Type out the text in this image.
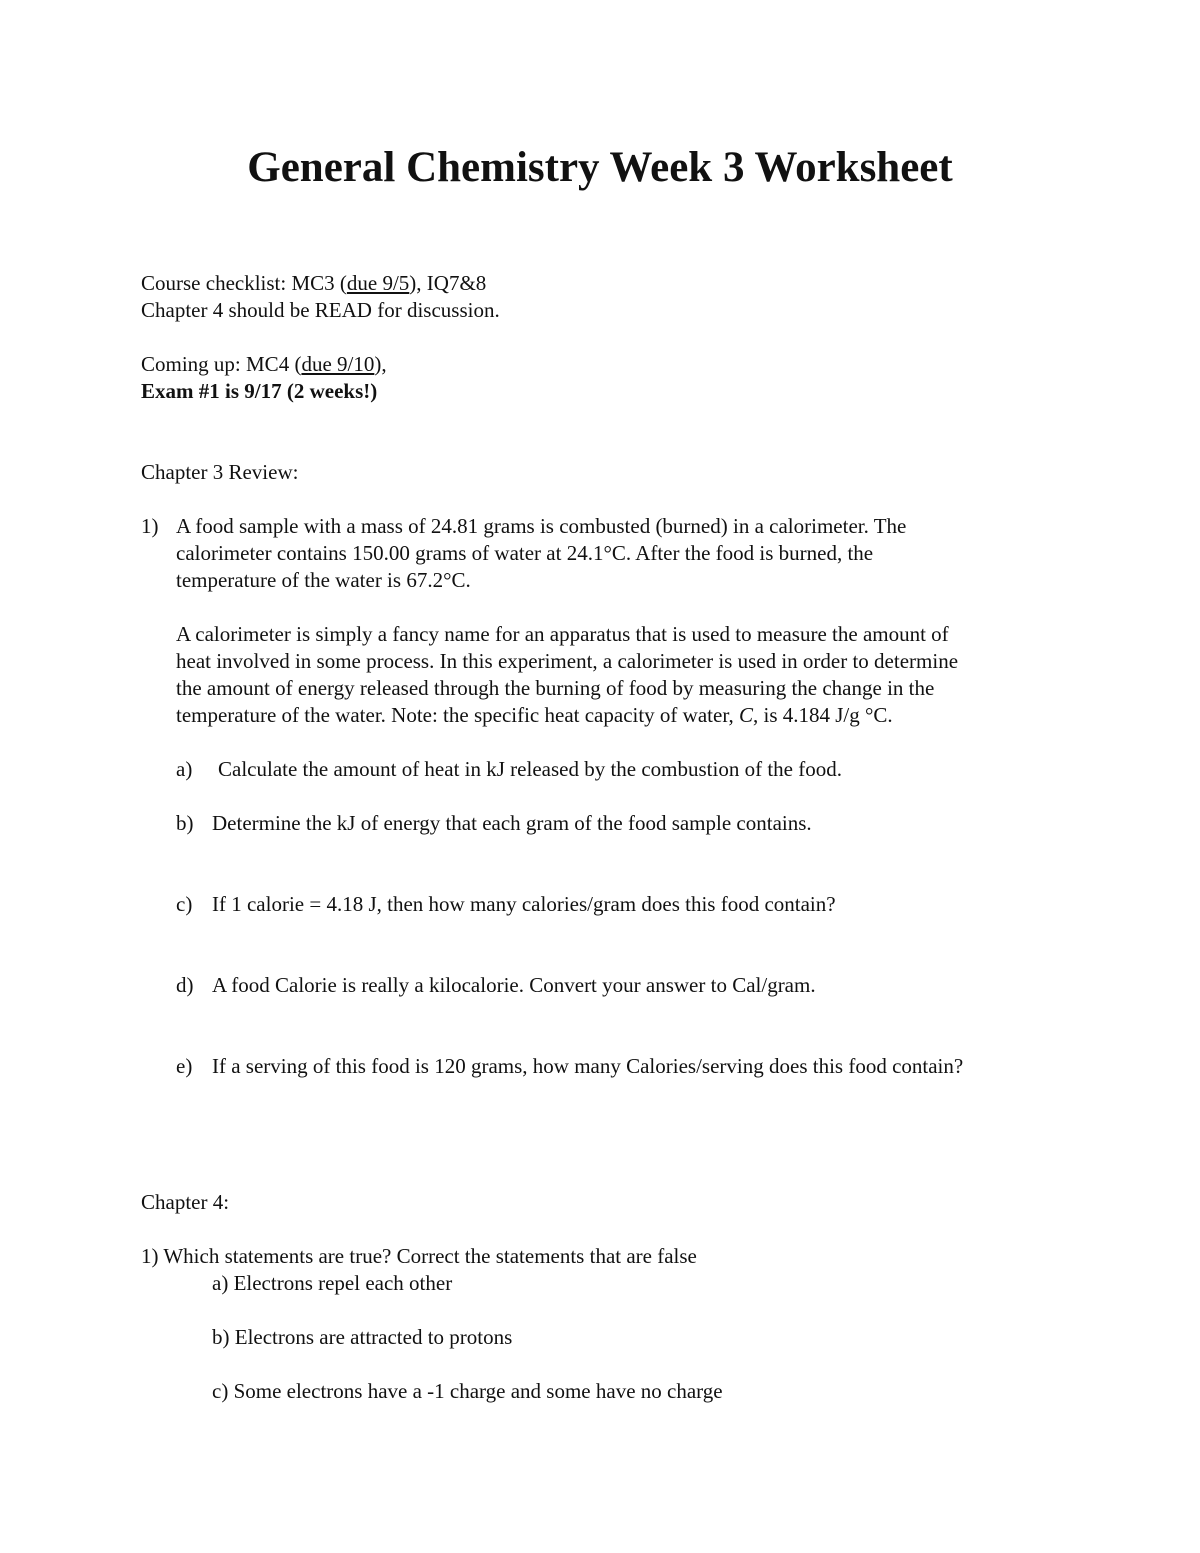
General Chemistry Week 3 Worksheet
Course checklist: MC3 (due 9/5), IQ7&8
Chapter 4 should be READ for discussion.
Coming up: MC4 (due 9/10),
Exam #1 is 9/17 (2 weeks!)
Chapter 3 Review:
1) A food sample with a mass of 24.81 grams is combusted (burned) in a calorimeter. The
calorimeter contains 150.00 grams of water at 24.1°C. After the food is burned, the
temperature of the water is 67.2°C.
A calorimeter is simply a fancy name for an apparatus that is used to measure the amount of
heat involved in some process. In this experiment, a calorimeter is used in order to determine
the amount of energy released through the burning of food by measuring the change in the
temperature of the water. Note: the specific heat capacity of water, C, is 4.184 J/g °C.
a) Calculate the amount of heat in kJ released by the combustion of the food.
b) Determine the kJ of energy that each gram of the food sample contains.
c) If 1 calorie = 4.18 J, then how many calories/gram does this food contain?
d) A food Calorie is really a kilocalorie. Convert your answer to Cal/gram.
e) If a serving of this food is 120 grams, how many Calories/serving does this food contain?
Chapter 4:
1) Which statements are true? Correct the statements that are false
a) Electrons repel each other
b) Electrons are attracted to protons
c) Some electrons have a -1 charge and some have no charge
